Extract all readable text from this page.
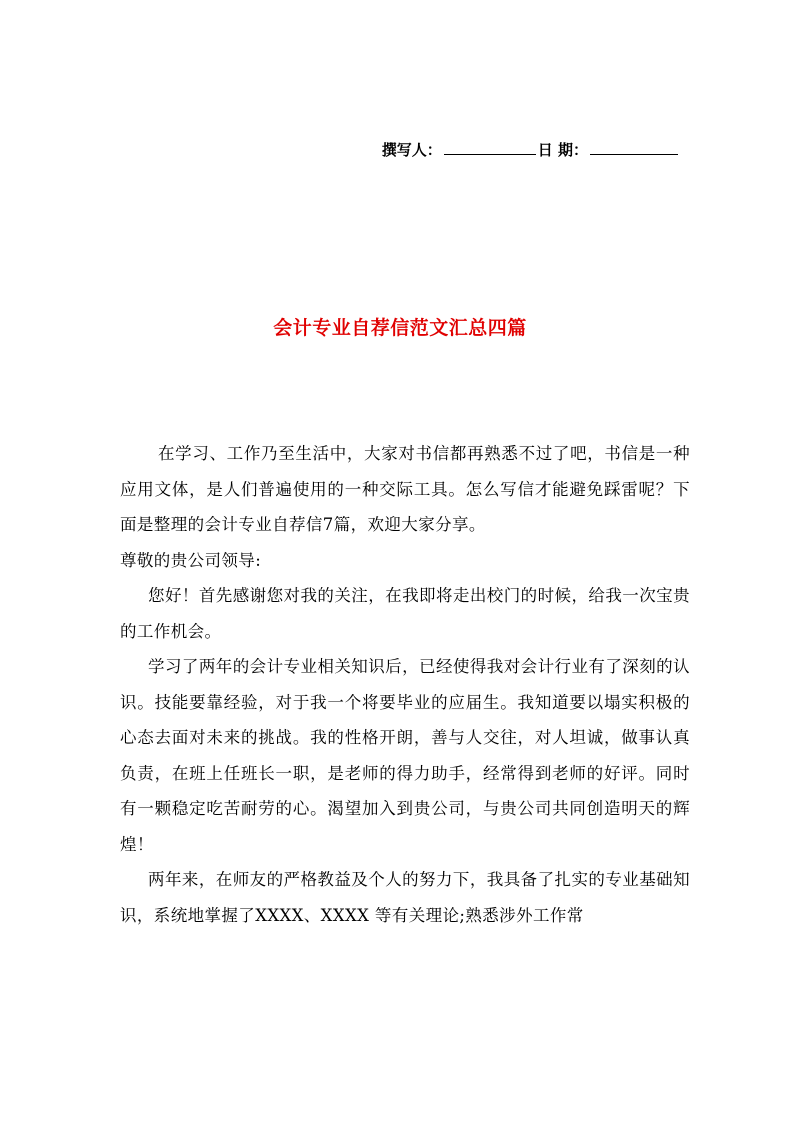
撰写人：	日 期：
会计专业自荐信范文汇总四篇

在学习、工作乃至生活中，大家对书信都再熟悉不过了吧，书信是一种应用文体，是人们普遍使用的一种交际工具。怎么写信才能避免踩雷呢？下面是整理的会计专业自荐信7篇，欢迎大家分享。

尊敬的贵公司领导:

您好！首先感谢您对我的关注，在我即将走出校门的时候，给我一次宝贵的工作机会。

学习了两年的会计专业相关知识后，已经使得我对会计行业有了深刻的认识。技能要靠经验，对于我一个将要毕业的应届生。我知道要以塌实积极的心态去面对未来的挑战。我的性格开朗，善与人交往，对人坦诚，做事认真负责，在班上任班长一职，是老师的得力助手，经常得到老师的好评。同时有一颗稳定吃苦耐劳的心。渴望加入到贵公司，与贵公司共同创造明天的辉煌！

两年来，在师友的严格教益及个人的努力下，我具备了扎实的专业基础知识，系统地掌握了XXXX、XXXX 等有关理论;熟悉涉外工作常
